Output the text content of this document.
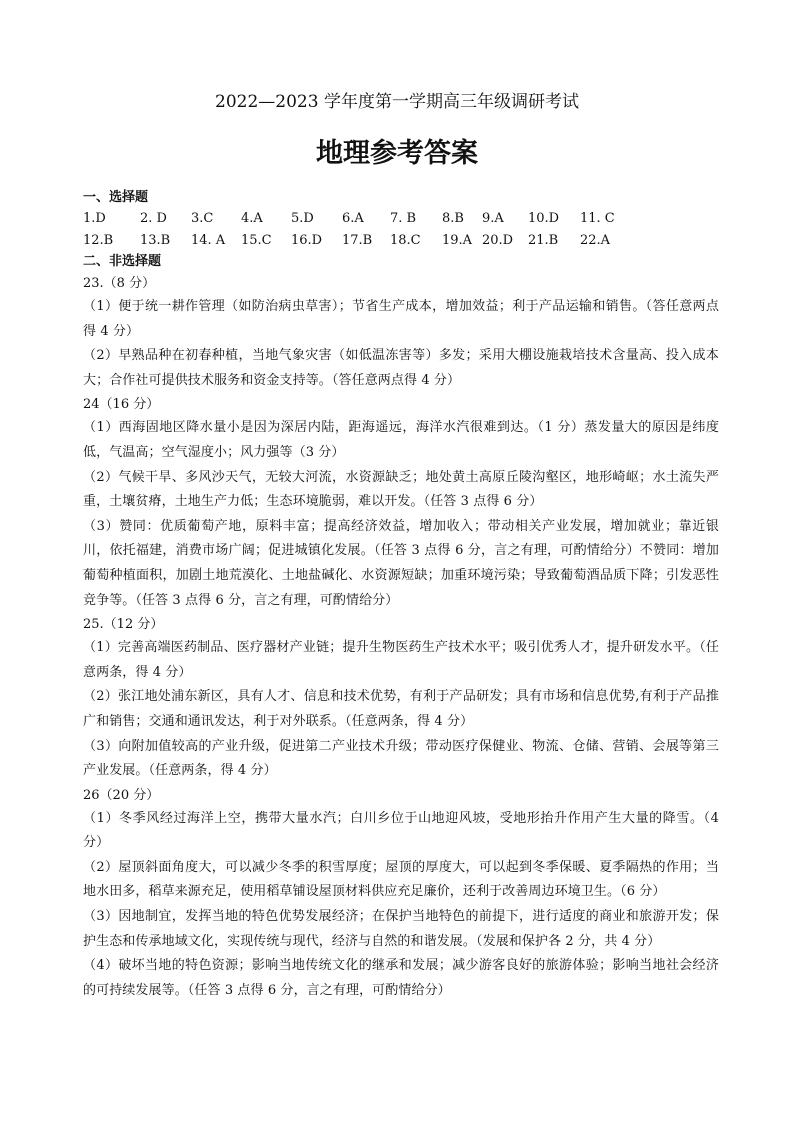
2022—2023 学年度第一学期高三年级调研考试
地理参考答案
一、选择题
1.D	2. D	3.C	4.A	5.D	6.A	7. B	8.B	9.A	10.D	11. C
12.B	13.B	14. A	15.C	16.D	17.B	18.C	19.A 20.D	21.B	22.A
二、非选择题
23.（8 分）

（1）便于统一耕作管理（如防治病虫草害）；节省生产成本，增加效益；利于产品运输和销售。（答任意两点得 4 分）

（2）早熟品种在初春种植，当地气象灾害（如低温冻害等）多发；采用大棚设施栽培技术含量高、投入成本大；合作社可提供技术服务和资金支持等。（答任意两点得 4 分）

24（16 分）

（1）西海固地区降水量小是因为深居内陆，距海遥远，海洋水汽很难到达。（1 分）蒸发量大的原因是纬度低，气温高；空气湿度小；风力强等（3 分）

（2）气候干旱、多风沙天气，无较大河流，水资源缺乏；地处黄土高原丘陵沟壑区，地形崎岖；水土流失严重，土壤贫瘠，土地生产力低；生态环境脆弱，难以开发。（任答 3 点得 6 分）

（3）赞同：优质葡萄产地，原料丰富；提高经济效益，增加收入；带动相关产业发展，增加就业；靠近银川，依托福建，消费市场广阔；促进城镇化发展。（任答 3 点得 6 分，言之有理，可酌情给分）不赞同：增加葡萄种植面积，加剧土地荒漠化、土地盐碱化、水资源短缺；加重环境污染；导致葡萄酒品质下降；引发恶性竞争等。（任答 3 点得 6 分，言之有理，可酌情给分）

25.（12 分）

（1）完善高端医药制品、医疗器材产业链；提升生物医药生产技术水平；吸引优秀人才，提升研发水平。（任意两条，得 4 分）

（2）张江地处浦东新区，具有人才、信息和技术优势，有利于产品研发；具有市场和信息优势,有利于产品推广和销售；交通和通讯发达，利于对外联系。（任意两条，得 4 分）

（3）向附加值较高的产业升级，促进第二产业技术升级；带动医疗保健业、物流、仓储、营销、会展等第三产业发展。（任意两条，得 4 分）

26（20 分）

（1）冬季风经过海洋上空，携带大量水汽；白川乡位于山地迎风坡，受地形抬升作用产生大量的降雪。（4 分）

（2）屋顶斜面角度大，可以减少冬季的积雪厚度；屋顶的厚度大，可以起到冬季保暖、夏季隔热的作用；当地水田多，稻草来源充足，使用稻草铺设屋顶材料供应充足廉价，还利于改善周边环境卫生。（6 分）

（3）因地制宜，发挥当地的特色优势发展经济；在保护当地特色的前提下，进行适度的商业和旅游开发；保护生态和传承地域文化，实现传统与现代，经济与自然的和谐发展。（发展和保护各 2 分，共 4 分）

（4）破坏当地的特色资源；影响当地传统文化的继承和发展；减少游客良好的旅游体验；影响当地社会经济的可持续发展等。（任答 3 点得 6 分，言之有理，可酌情给分）
